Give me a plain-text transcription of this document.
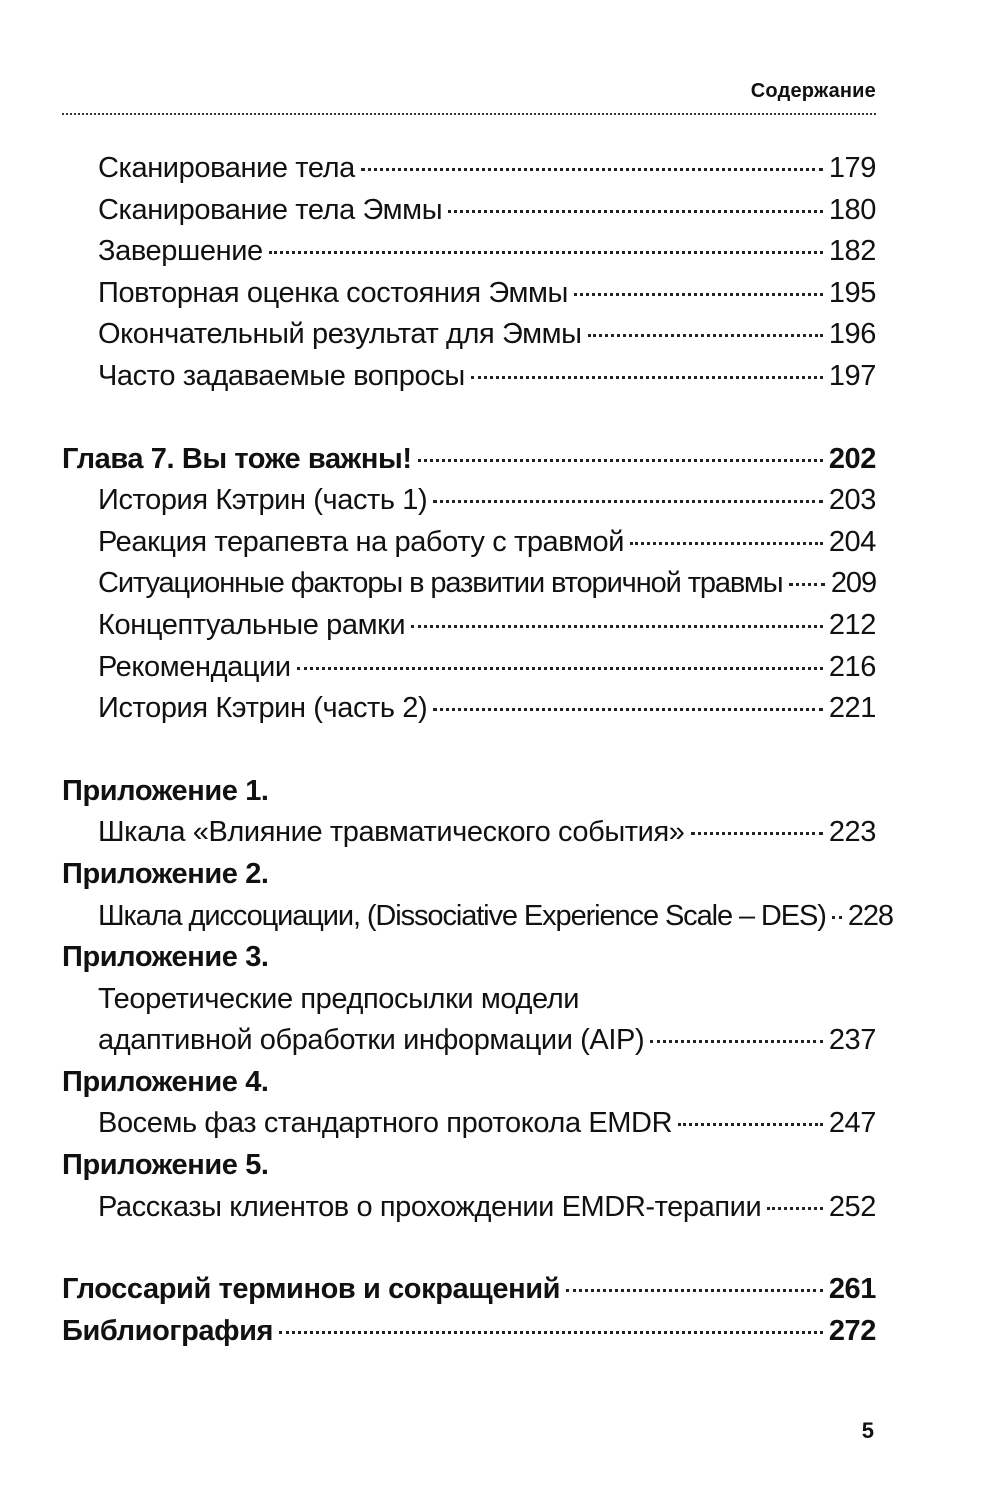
Содержание
Сканирование тела	179
Сканирование тела Эммы	180
Завершение	182
Повторная оценка состояния Эммы	195
Окончательный результат для Эммы	196
Часто задаваемые вопросы	197
Глава 7. Вы тоже важны!	202
История Кэтрин (часть 1)	203
Реакция терапевта на работу с травмой	204
Ситуационные факторы в развитии вторичной травмы 209
Концептуальные рамки	212
Рекомендации	216
История Кэтрин (часть 2)	221
Приложение 1.
Шкала «Влияние травматического события»	223
Приложение 2.
Шкала диссоциации, (Dissociative Experience Scale – DES) 228
Приложение 3.
Теоретические предпосылки модели
адаптивной обработки информации (AIP)	237
Приложение 4.
Восемь фаз стандартного протокола EMDR	247
Приложение 5.
Рассказы клиентов о прохождении EMDR-терапии 252
Глоссарий терминов и сокращений	261
Библиография	272
5
